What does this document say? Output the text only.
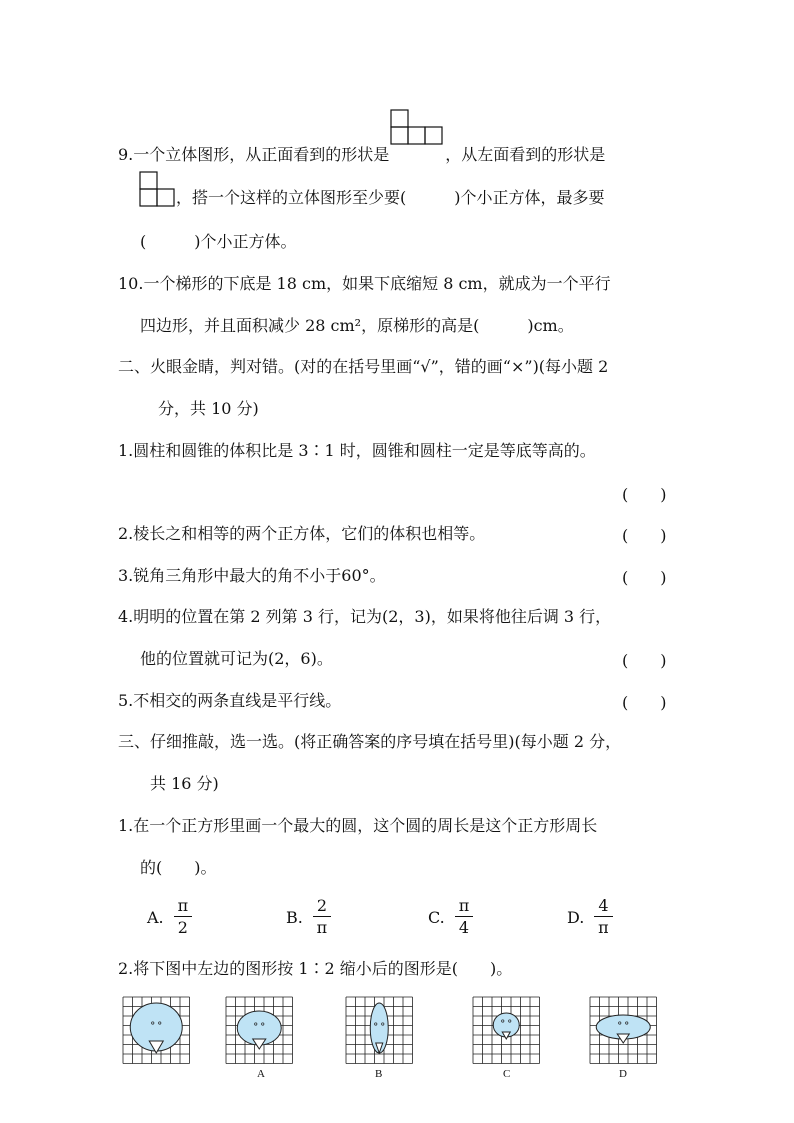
9.一个立体图形，从正面看到的形状是	，从左面看到的形状是
，搭一个这样的立体图形至少要(　　　)个小正方体，最多要
(　　　)个小正方体。
10.一个梯形的下底是 18 cm，如果下底缩短 8 cm，就成为一个平行
四边形，并且面积减少 28 cm²，原梯形的高是(　　　)cm。
二、火眼金睛，判对错。(对的在括号里画“√”，错的画“×”)(每小题 2
分，共 10 分)
1.圆柱和圆锥的体积比是 3∶1 时，圆锥和圆柱一定是等底等高的。
(　　)
2.棱长之和相等的两个正方体，它们的体积也相等。	(　　)
3.锐角三角形中最大的角不小于60°。	(　　)
4.明明的位置在第 2 列第 3 行，记为(2，3)，如果将他往后调 3 行，
他的位置就可记为(2，6)。	(　　)
5.不相交的两条直线是平行线。	(　　)
三、仔细推敲，选一选。(将正确答案的序号填在括号里)(每小题 2 分，
共 16 分)
1.在一个正方形里画一个最大的圆，这个圆的周长是这个正方形周长
的(　　)。
A. $\frac{\pi}{2}$	B. $\frac{2}{\pi}$	C. $\frac{\pi}{4}$	D. $\frac{4}{\pi}$
2.将下图中左边的图形按 1∶2 缩小后的图形是(　　)。
A	B	C	D
